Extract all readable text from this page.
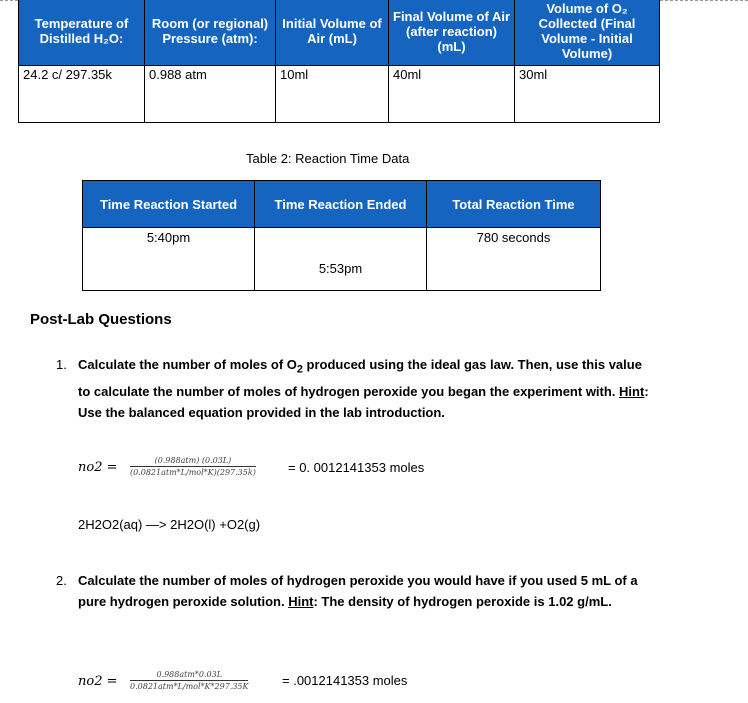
Temperature of Distilled H₂O:	Room (or regional) Pressure (atm):	Initial Volume of Air (mL)	Final Volume of Air (after reaction) (mL)	Volume of O₂ Collected (Final Volume - Initial Volume)
24.2 c/ 297.35k	0.988 atm	10ml	40ml	30ml
Table 2: Reaction Time Data
Time Reaction Started	Time Reaction Ended	Total Reaction Time
5:40pm	5:53pm	780 seconds
Post-Lab Questions
1. Calculate the number of moles of $O_2$ produced using the ideal gas law. Then, use this value to calculate the number of moles of hydrogen peroxide you began the experiment with. Hint: Use the balanced equation provided in the lab introduction.
no2 =	(0.988atm) (0.03L)
(0.0821atm*L/mol*K)(297.35k) = 0. 0012141353 moles
2H2O2(aq) —> 2H2O(l) +O2(g)
2. Calculate the number of moles of hydrogen peroxide you would have if you used 5 mL of a pure hydrogen peroxide solution. Hint: The density of hydrogen peroxide is 1.02 g/mL.
no2 =	0.988atm*0.03L
0.0821atm*L/mol*K*297.35K	= .0012141353 moles
